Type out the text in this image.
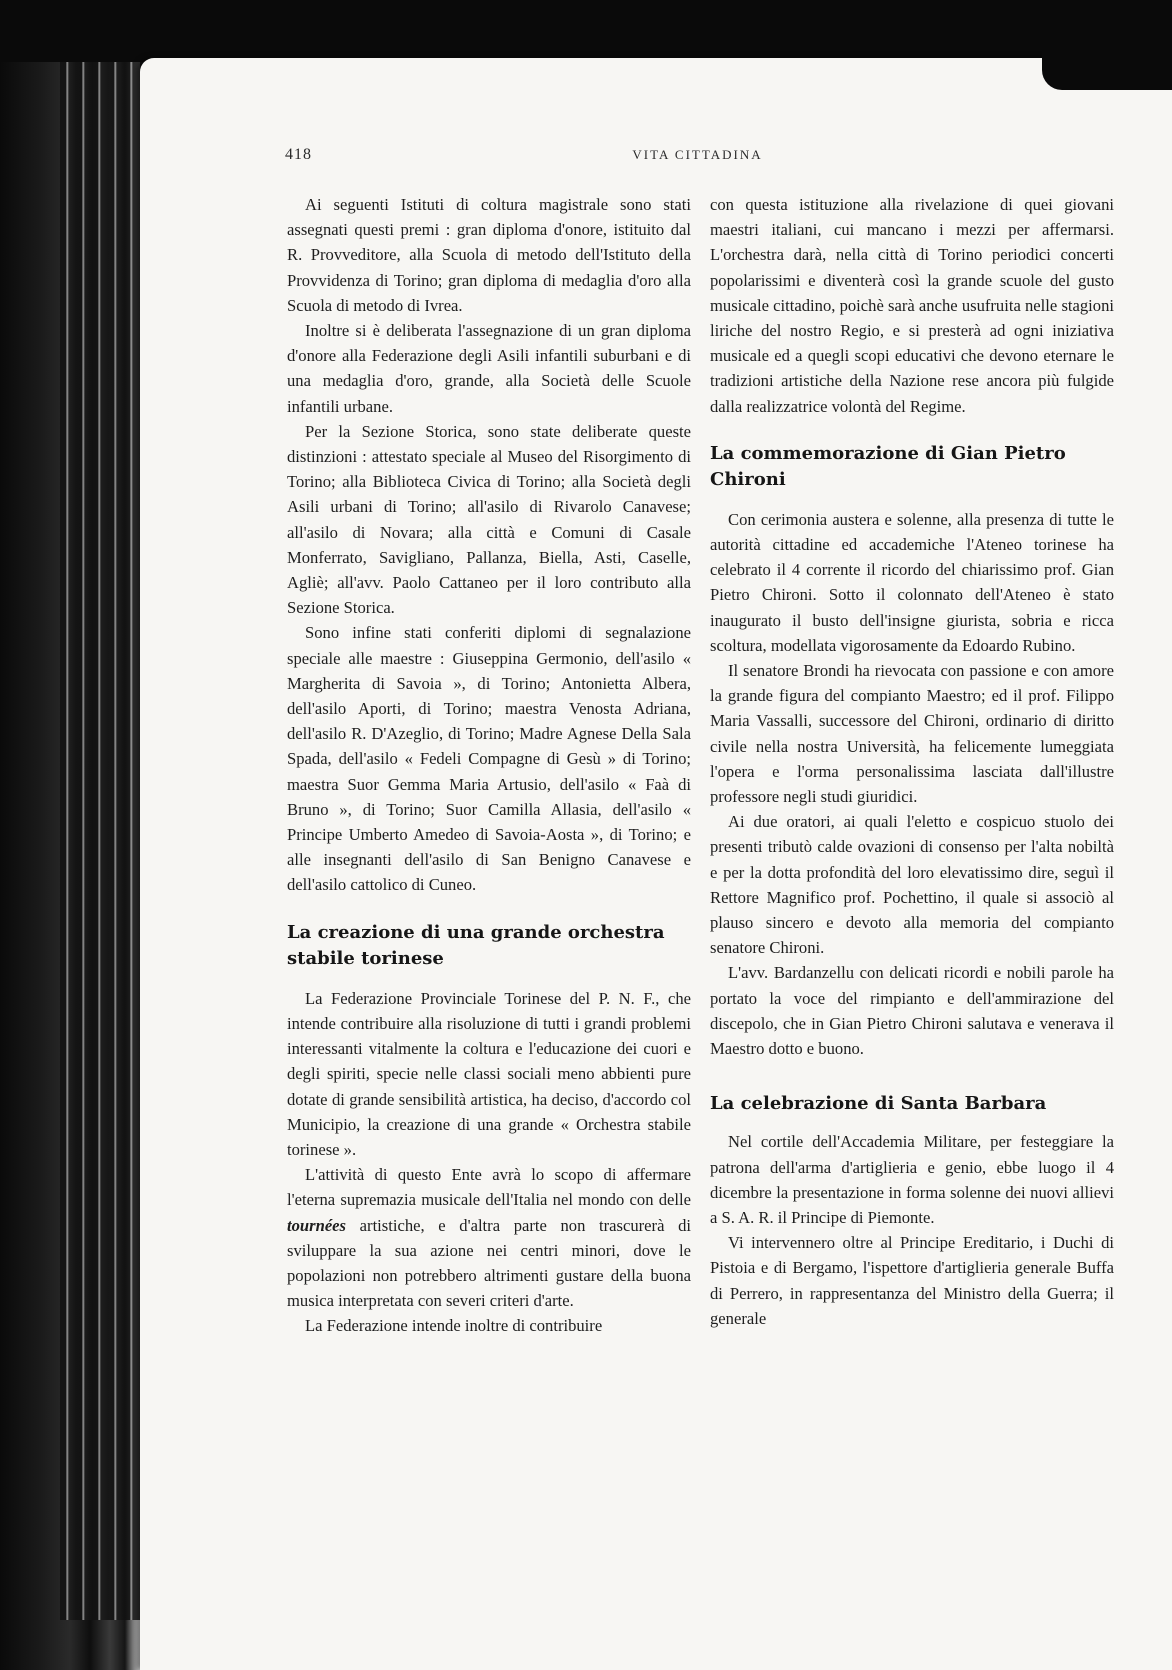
418	VITA CITTADINA

Ai seguenti Istituti di coltura magistrale sono stati assegnati questi premi : gran diploma d'onore, istituito dal R. Provveditore, alla Scuola di metodo dell'Istituto della Provvidenza di Torino; gran diploma di medaglia d'oro alla Scuola di metodo di Ivrea.

Inoltre si è deliberata l'assegnazione di un gran diploma d'onore alla Federazione degli Asili infantili suburbani e di una medaglia d'oro, grande, alla Società delle Scuole infantili urbane.

Per la Sezione Storica, sono state deliberate queste distinzioni : attestato speciale al Museo del Risorgimento di Torino; alla Biblioteca Civica di Torino; alla Società degli Asili urbani di Torino; all'asilo di Rivarolo Canavese; all'asilo di Novara; alla città e Comuni di Casale Monferrato, Savigliano, Pallanza, Biella, Asti, Caselle, Agliè; all'avv. Paolo Cattaneo per il loro contributo alla Sezione Storica.

Sono infine stati conferiti diplomi di segnalazione speciale alle maestre : Giuseppina Germonio, dell'asilo « Margherita di Savoia », di Torino; Antonietta Albera, dell'asilo Aporti, di Torino; maestra Venosta Adriana, dell'asilo R. D'Azeglio, di Torino; Madre Agnese Della Sala Spada, dell'asilo « Fedeli Compagne di Gesù » di Torino; maestra Suor Gemma Maria Artusio, dell'asilo « Faà di Bruno », di Torino; Suor Camilla Allasia, dell'asilo « Principe Umberto Amedeo di Savoia-Aosta », di Torino; e alle insegnanti dell'asilo di San Benigno Canavese e dell'asilo cattolico di Cuneo.

La creazione di una grande orchestra stabile torinese

La Federazione Provinciale Torinese del P. N. F., che intende contribuire alla risoluzione di tutti i grandi problemi interessanti vitalmente la coltura e l'educazione dei cuori e degli spiriti, specie nelle classi sociali meno abbienti pure dotate di grande sensibilità artistica, ha deciso, d'accordo col Municipio, la creazione di una grande « Orchestra stabile torinese ».

L'attività di questo Ente avrà lo scopo di affermare l'eterna supremazia musicale dell'Italia nel mondo con delle tournées artistiche, e d'altra parte non trascurerà di sviluppare la sua azione nei centri minori, dove le popolazioni non potrebbero altrimenti gustare della buona musica interpretata con severi criteri d'arte.

La Federazione intende inoltre di contribuire

con questa istituzione alla rivelazione di quei giovani maestri italiani, cui mancano i mezzi per affermarsi. L'orchestra darà, nella città di Torino periodici concerti popolarissimi e diventerà così la grande scuole del gusto musicale cittadino, poichè sarà anche usufruita nelle stagioni liriche del nostro Regio, e si presterà ad ogni iniziativa musicale ed a quegli scopi educativi che devono eternare le tradizioni artistiche della Nazione rese ancora più fulgide dalla realizzatrice volontà del Regime.

La commemorazione di Gian Pietro Chironi

Con cerimonia austera e solenne, alla presenza di tutte le autorità cittadine ed accademiche l'Ateneo torinese ha celebrato il 4 corrente il ricordo del chiarissimo prof. Gian Pietro Chironi. Sotto il colonnato dell'Ateneo è stato inaugurato il busto dell'insigne giurista, sobria e ricca scoltura, modellata vigorosamente da Edoardo Rubino.

Il senatore Brondi ha rievocata con passione e con amore la grande figura del compianto Maestro; ed il prof. Filippo Maria Vassalli, successore del Chironi, ordinario di diritto civile nella nostra Università, ha felicemente lumeggiata l'opera e l'orma personalissima lasciata dall'illustre professore negli studi giuridici.

Ai due oratori, ai quali l'eletto e cospicuo stuolo dei presenti tributò calde ovazioni di consenso per l'alta nobiltà e per la dotta profondità del loro elevatissimo dire, seguì il Rettore Magnifico prof. Pochettino, il quale si associò al plauso sincero e devoto alla memoria del compianto senatore Chironi.

L'avv. Bardanzellu con delicati ricordi e nobili parole ha portato la voce del rimpianto e dell'ammirazione del discepolo, che in Gian Pietro Chironi salutava e venerava il Maestro dotto e buono.

La celebrazione di Santa Barbara

Nel cortile dell'Accademia Militare, per festeggiare la patrona dell'arma d'artiglieria e genio, ebbe luogo il 4 dicembre la presentazione in forma solenne dei nuovi allievi a S. A. R. il Principe di Piemonte.

Vi intervennero oltre al Principe Ereditario, i Duchi di Pistoia e di Bergamo, l'ispettore d'artiglieria generale Buffa di Perrero, in rappresentanza del Ministro della Guerra; il generale
